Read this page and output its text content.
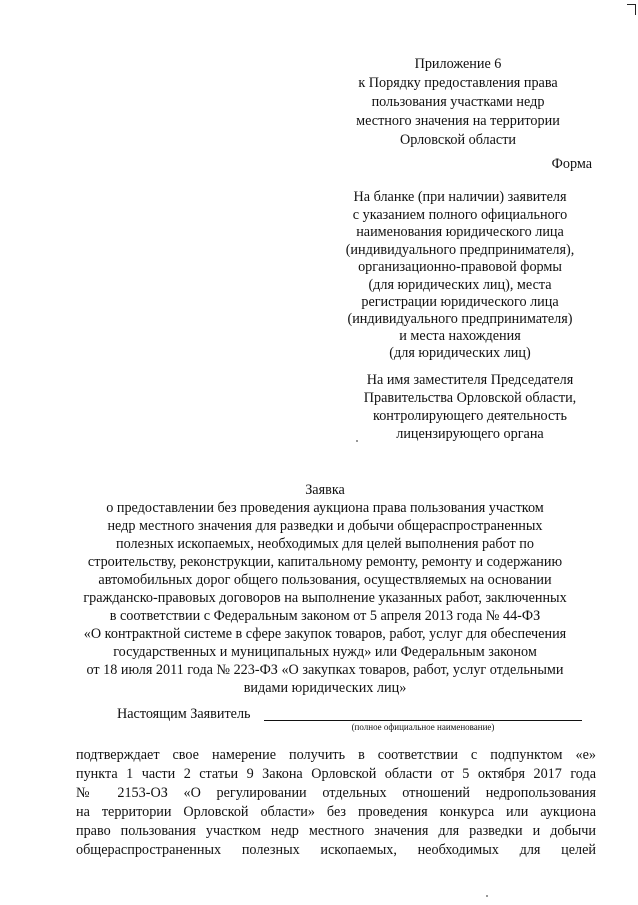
Приложение 6
к Порядку предоставления права
пользования участками недр
местного значения на территории
Орловской области
Форма
На бланке (при наличии) заявителя
с указанием полного официального
наименования юридического лица
(индивидуального предпринимателя),
организационно-правовой формы
(для юридических лиц), места
регистрации юридического лица
(индивидуального предпринимателя)
и места нахождения
(для юридических лиц)
На имя заместителя Председателя
Правительства Орловской области,
контролирующего деятельность
лицензирующего органа
Заявка
о предоставлении без проведения аукциона права пользования участком
недр местного значения для разведки и добычи общераспространенных
полезных ископаемых, необходимых для целей выполнения работ по
строительству, реконструкции, капитальному ремонту, ремонту и содержанию
автомобильных дорог общего пользования, осуществляемых на основании
гражданско-правовых договоров на выполнение указанных работ, заключенных
в соответствии с Федеральным законом от 5 апреля 2013 года № 44-ФЗ
«О контрактной системе в сфере закупок товаров, работ, услуг для обеспечения
государственных и муниципальных нужд» или Федеральным законом
от 18 июля 2011 года № 223-ФЗ «О закупках товаров, работ, услуг отдельными
видами юридических лиц»
Настоящим Заявитель
(полное официальное наименование)
подтверждает свое намерение получить в соответствии с подпунктом «е»
пункта 1 части 2 статьи 9 Закона Орловской области от 5 октября 2017 года
№ 2153-ОЗ «О регулировании отдельных отношений недропользования
на территории Орловской области» без проведения конкурса или аукциона
право пользования участком недр местного значения для разведки и добычи
общераспространенных полезных ископаемых, необходимых для целей
